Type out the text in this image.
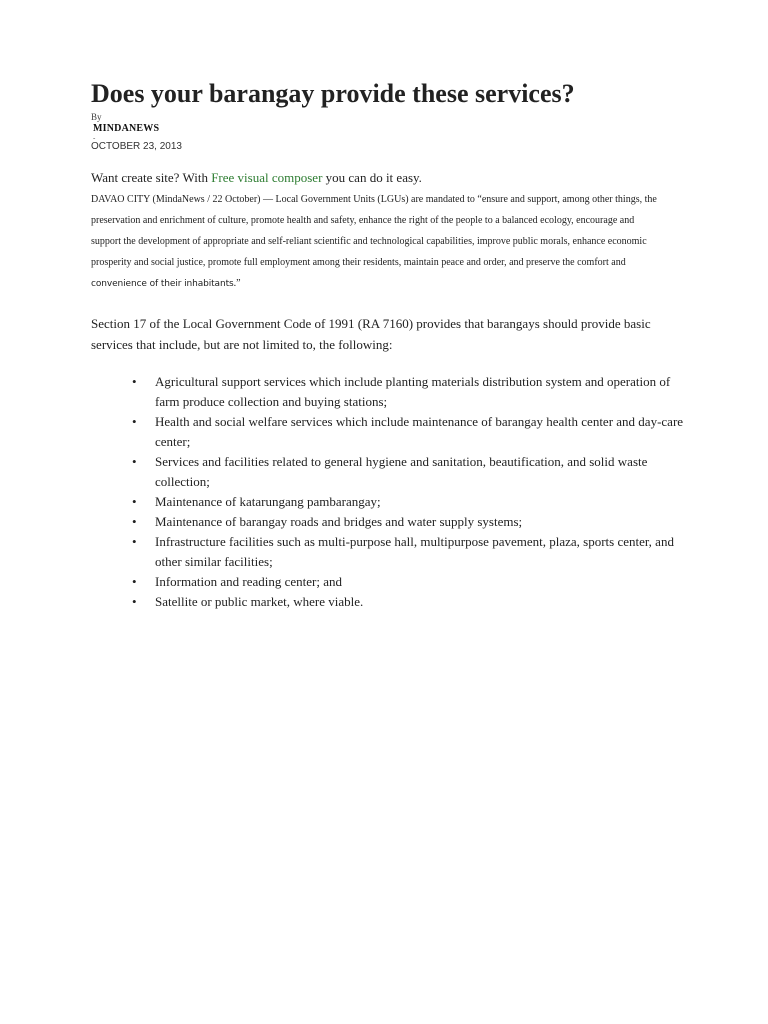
Does your barangay provide these services?
By
MINDANEWS
-
OCTOBER 23, 2013
Want create site? With Free visual composer you can do it easy.
DAVAO CITY (MindaNews / 22 October) — Local Government Units (LGUs) are mandated to “ensure and support, among other things, the preservation and enrichment of culture, promote health and safety, enhance the right of the people to a balanced ecology, encourage and support the development of appropriate and self-reliant scientific and technological capabilities, improve public morals, enhance economic prosperity and social justice, promote full employment among their residents, maintain peace and order, and preserve the comfort and convenience of their inhabitants.”
Section 17 of the Local Government Code of 1991 (RA 7160) provides that barangays should provide basic services that include, but are not limited to, the following:
• Agricultural support services which include planting materials distribution system and operation of farm produce collection and buying stations;
• Health and social welfare services which include maintenance of barangay health center and day-care center;
• Services and facilities related to general hygiene and sanitation, beautification, and solid waste collection;
• Maintenance of katarungang pambarangay;
• Maintenance of barangay roads and bridges and water supply systems;
• Infrastructure facilities such as multi-purpose hall, multipurpose pavement, plaza, sports center, and other similar facilities;
• Information and reading center; and
• Satellite or public market, where viable.
